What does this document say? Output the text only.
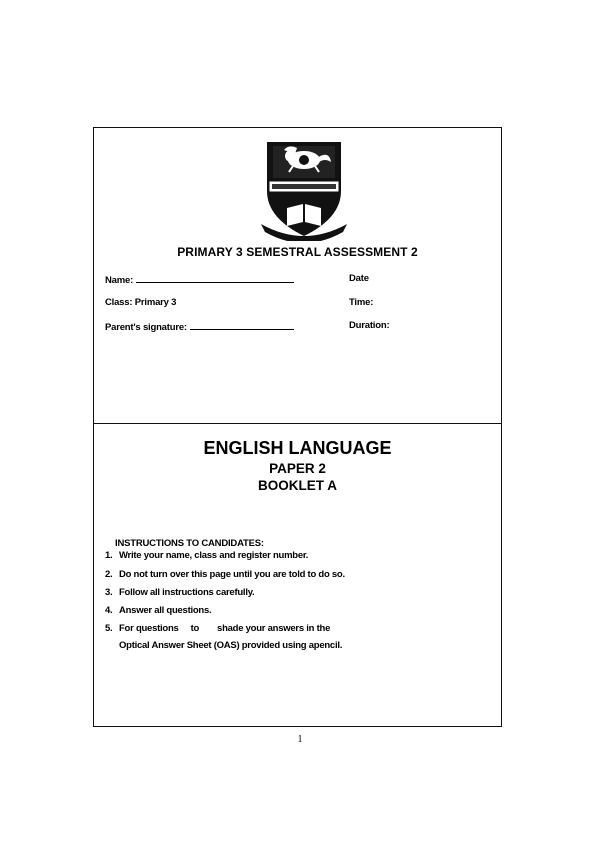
PRIMARY 3 SEMESTRAL ASSESSMENT 2
Name:
Class: Primary 3
Parent's signature:
Date
Time:
Duration:
ENGLISH LANGUAGE
PAPER 2
BOOKLET A
INSTRUCTIONS TO CANDIDATES:
1. Write your name, class and register number.
2. Do not turn over this page until you are told to do so.
3. Follow all instructions carefully.
4. Answer all questions.
5. For questions to shade your answers in the
Optical Answer Sheet (OAS) provided using apencil.
1
